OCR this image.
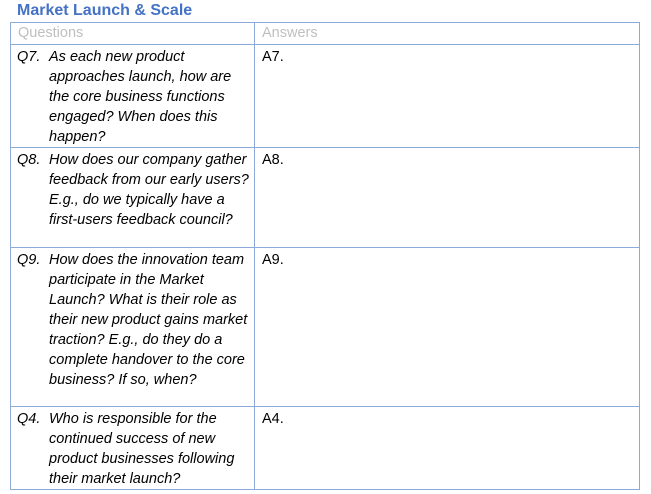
Market Launch & Scale
Questions	Answers

Q7. As each new product approaches launch, how are the core business functions engaged? When does this happen?	A7.

Q8. How does our company gather feedback from our early users? E.g., do we typically have a first-users feedback council?	A8.

Q9. How does the innovation team participate in the Market Launch? What is their role as their new product gains market traction? E.g., do they do a complete handover to the core business? If so, when?	A9.

Q4. Who is responsible for the continued success of new product businesses following their market launch?	A4.
